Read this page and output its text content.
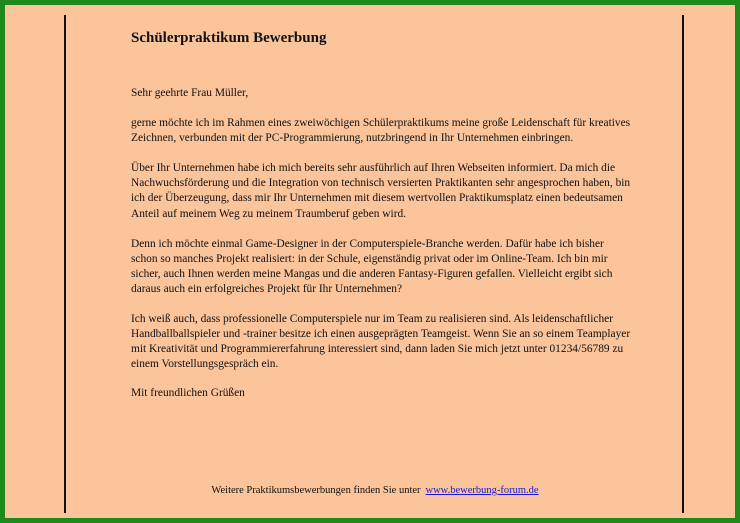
Schülerpraktikum Bewerbung

Sehr geehrte Frau Müller,

gerne möchte ich im Rahmen eines zweiwöchigen Schülerpraktikums meine große Leidenschaft für kreatives Zeichnen, verbunden mit der PC-Programmierung, nutzbringend in Ihr Unternehmen einbringen.

Über Ihr Unternehmen habe ich mich bereits sehr ausführlich auf Ihren Webseiten informiert. Da mich die Nachwuchsförderung und die Integration von technisch versierten Praktikanten sehr angesprochen haben, bin ich der Überzeugung, dass mir Ihr Unternehmen mit diesem wertvollen Praktikumsplatz einen bedeutsamen Anteil auf meinem Weg zu meinem Traumberuf geben wird.

Denn ich möchte einmal Game-Designer in der Computerspiele-Branche werden. Dafür habe ich bisher schon so manches Projekt realisiert: in der Schule, eigenständig privat oder im Online-Team. Ich bin mir sicher, auch Ihnen werden meine Mangas und die anderen Fantasy-Figuren gefallen. Vielleicht ergibt sich daraus auch ein erfolgreiches Projekt für Ihr Unternehmen?

Ich weiß auch, dass professionelle Computerspiele nur im Team zu realisieren sind. Als leidenschaftlicher Handballballspieler und -trainer besitze ich einen ausgeprägten Teamgeist. Wenn Sie an so einem Teamplayer mit Kreativität und Programmiererfahrung interessiert sind, dann laden Sie mich jetzt unter 01234/56789 zu einem Vorstellungsgespräch ein.

Mit freundlichen Grüßen

Weitere Praktikumsbewerbungen finden Sie unter www.bewerbung-forum.de
